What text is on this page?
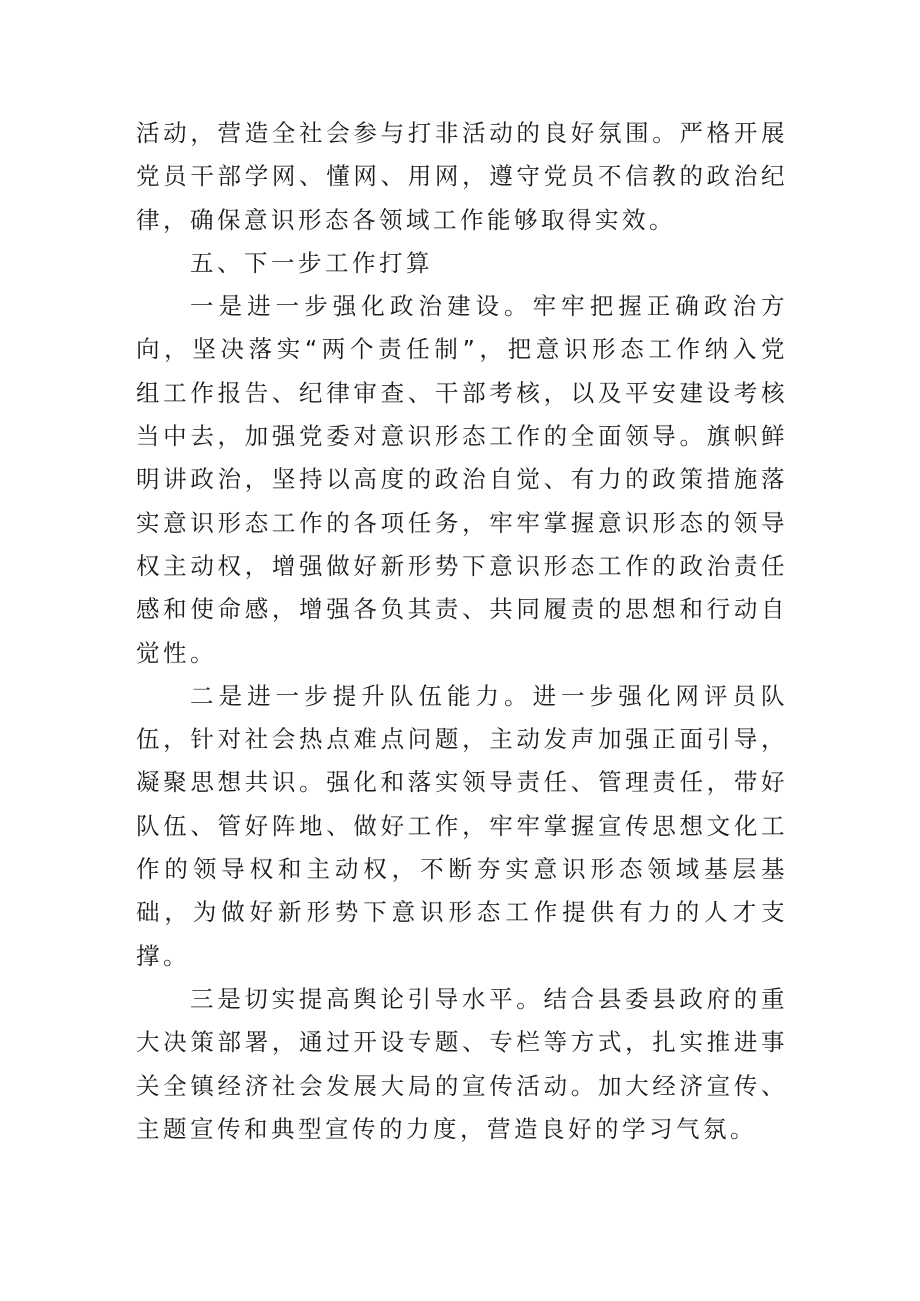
活动，营造全社会参与打非活动的良好氛围。严格开展党员干部学网、懂网、用网，遵守党员不信教的政治纪律，确保意识形态各领域工作能够取得实效。

五、下一步工作打算

一是进一步强化政治建设。牢牢把握正确政治方向，坚决落实“两个责任制”，把意识形态工作纳入党组工作报告、纪律审查、干部考核，以及平安建设考核当中去，加强党委对意识形态工作的全面领导。旗帜鲜明讲政治，坚持以高度的政治自觉、有力的政策措施落实意识形态工作的各项任务，牢牢掌握意识形态的领导权主动权，增强做好新形势下意识形态工作的政治责任感和使命感，增强各负其责、共同履责的思想和行动自觉性。

二是进一步提升队伍能力。进一步强化网评员队伍，针对社会热点难点问题，主动发声加强正面引导，凝聚思想共识。强化和落实领导责任、管理责任，带好队伍、管好阵地、做好工作，牢牢掌握宣传思想文化工作的领导权和主动权，不断夯实意识形态领域基层基础，为做好新形势下意识形态工作提供有力的人才支撑。

三是切实提高舆论引导水平。结合县委县政府的重大决策部署，通过开设专题、专栏等方式，扎实推进事关全镇经济社会发展大局的宣传活动。加大经济宣传、主题宣传和典型宣传的力度，营造良好的学习气氛。
